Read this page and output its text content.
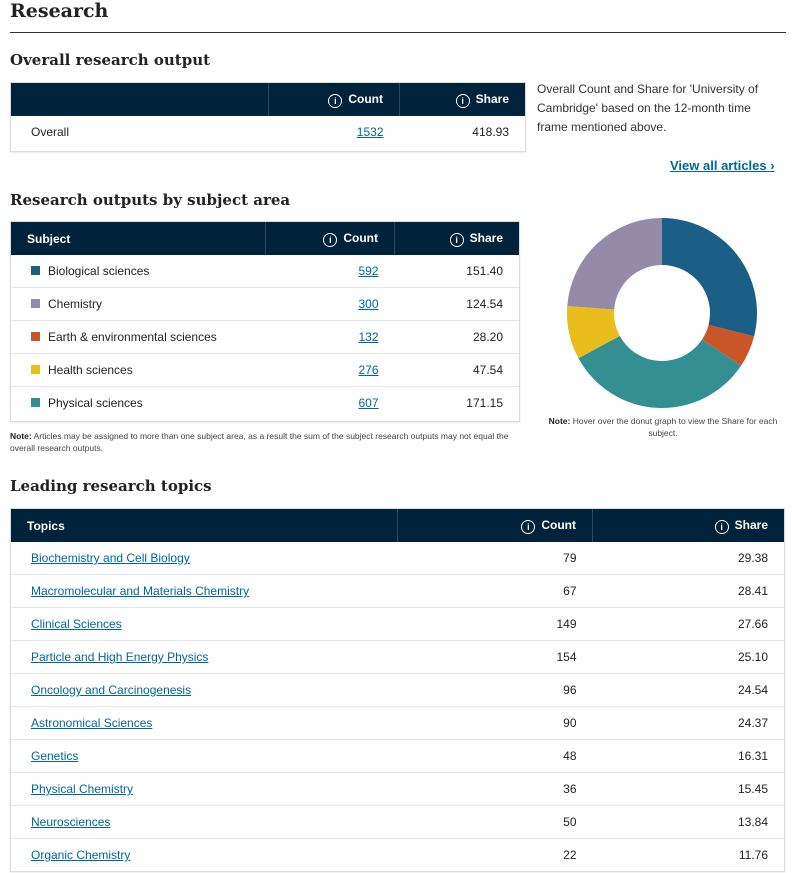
Research
Overall research output
	i Count	i Share
Overall	1532	418.93
Overall Count and Share for 'University of Cambridge' based on the 12-month time frame mentioned above.
View all articles ›
Research outputs by subject area
Subject	i Count	i Share
Biological sciences	592	151.40
Chemistry	300	124.54
Earth & environmental sciences	132	28.20
Health sciences	276	47.54
Physical sciences	607	171.15
Note: Articles may be assigned to more than one subject area, as a result the sum of the subject research outputs may not equal the overall research outputs.
Note: Hover over the donut graph to view the Share for each subject.
Leading research topics
Topics	i Count	i Share
Biochemistry and Cell Biology	79	29.38
Macromolecular and Materials Chemistry	67	28.41
Clinical Sciences	149	27.66
Particle and High Energy Physics	154	25.10
Oncology and Carcinogenesis	96	24.54
Astronomical Sciences	90	24.37
Genetics	48	16.31
Physical Chemistry	36	15.45
Neurosciences	50	13.84
Organic Chemistry	22	11.76
